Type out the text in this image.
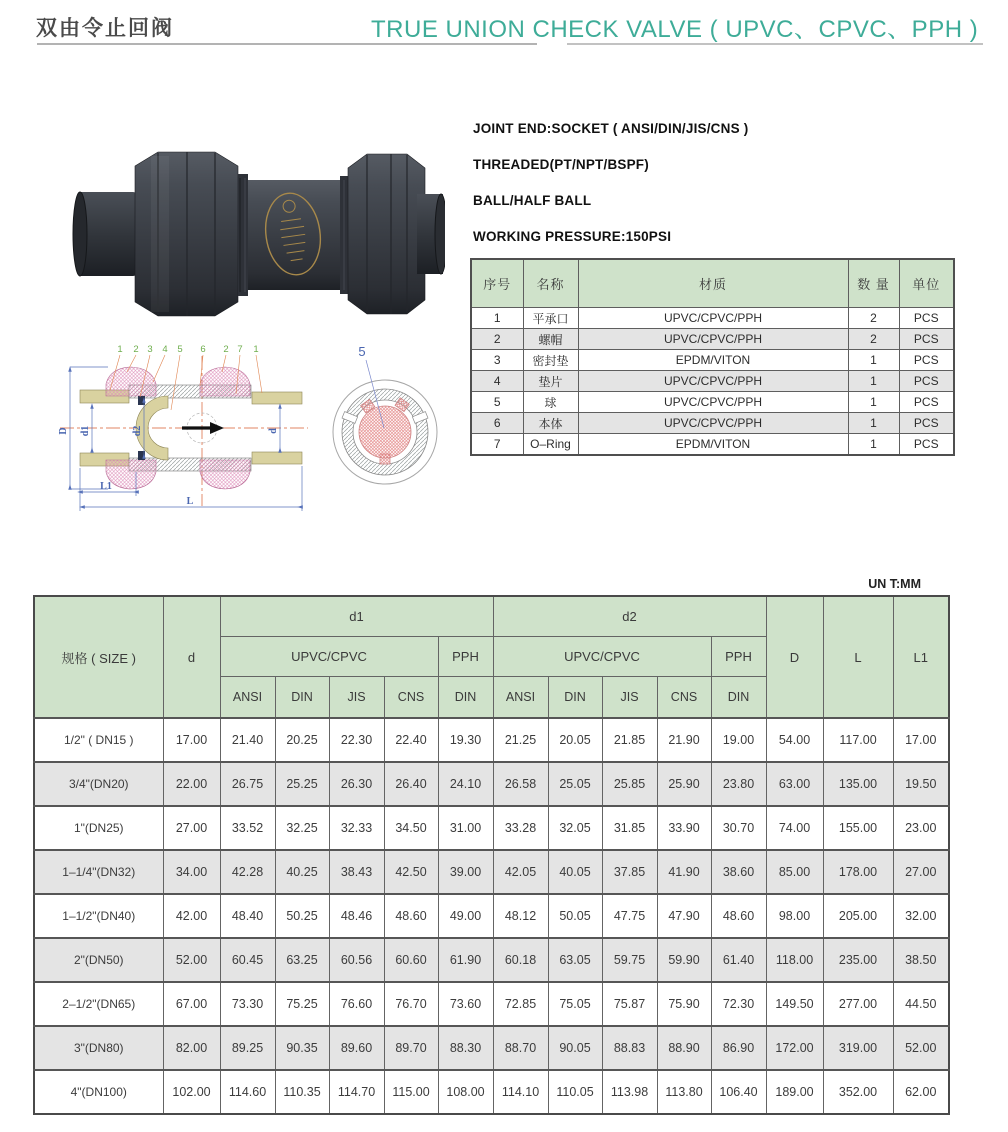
双由令止回阀	TRUE UNION CHECK VALVE ( UPVC、CPVC、PPH )
JOINT END:SOCKET ( ANSI/DIN/JIS/CNS )
THREADED(PT/NPT/BSPF)
BALL/HALF BALL
WORKING PRESSURE:150PSI
序号	名称	材质	数 量	单位
1	平承口	UPVC/CPVC/PPH	2	PCS
2	螺帽	UPVC/CPVC/PPH	2	PCS
3	密封垫	EPDM/VITON	1	PCS
4	垫片	UPVC/CPVC/PPH	1	PCS
5	球	UPVC/CPVC/PPH	1	PCS
6	本体	UPVC/CPVC/PPH	1	PCS
7	O–Ring	EPDM/VITON	1	PCS
D d1	d2	d
L1
L
1 2 3 4 5 6 2 7 1	5
UN T:MM
规格 ( SIZE )	d	d1					d2					D	L	L1
		UPVC/CPVC				PPH	UPVC/CPVC				PPH			
		ANSI	DIN	JIS	CNS	DIN	ANSI	DIN	JIS	CNS	DIN			
1/2" ( DN15 )	17.00	21.40	20.25	22.30	22.40	19.30	21.25	20.05	21.85	21.90	19.00	54.00	117.00	17.00
3/4"(DN20)	22.00	26.75	25.25	26.30	26.40	24.10	26.58	25.05	25.85	25.90	23.80	63.00	135.00	19.50
1"(DN25)	27.00	33.52	32.25	32.33	34.50	31.00	33.28	32.05	31.85	33.90	30.70	74.00	155.00	23.00
1–1/4"(DN32)	34.00	42.28	40.25	38.43	42.50	39.00	42.05	40.05	37.85	41.90	38.60	85.00	178.00	27.00
1–1/2"(DN40)	42.00	48.40	50.25	48.46	48.60	49.00	48.12	50.05	47.75	47.90	48.60	98.00	205.00	32.00
2"(DN50)	52.00	60.45	63.25	60.56	60.60	61.90	60.18	63.05	59.75	59.90	61.40	118.00	235.00	38.50
2–1/2"(DN65)	67.00	73.30	75.25	76.60	76.70	73.60	72.85	75.05	75.87	75.90	72.30	149.50	277.00	44.50
3"(DN80)	82.00	89.25	90.35	89.60	89.70	88.30	88.70	90.05	88.83	88.90	86.90	172.00	319.00	52.00
4"(DN100)	102.00	114.60	110.35	114.70	115.00	108.00	114.10	110.05	113.98	113.80	106.40	189.00	352.00	62.00
